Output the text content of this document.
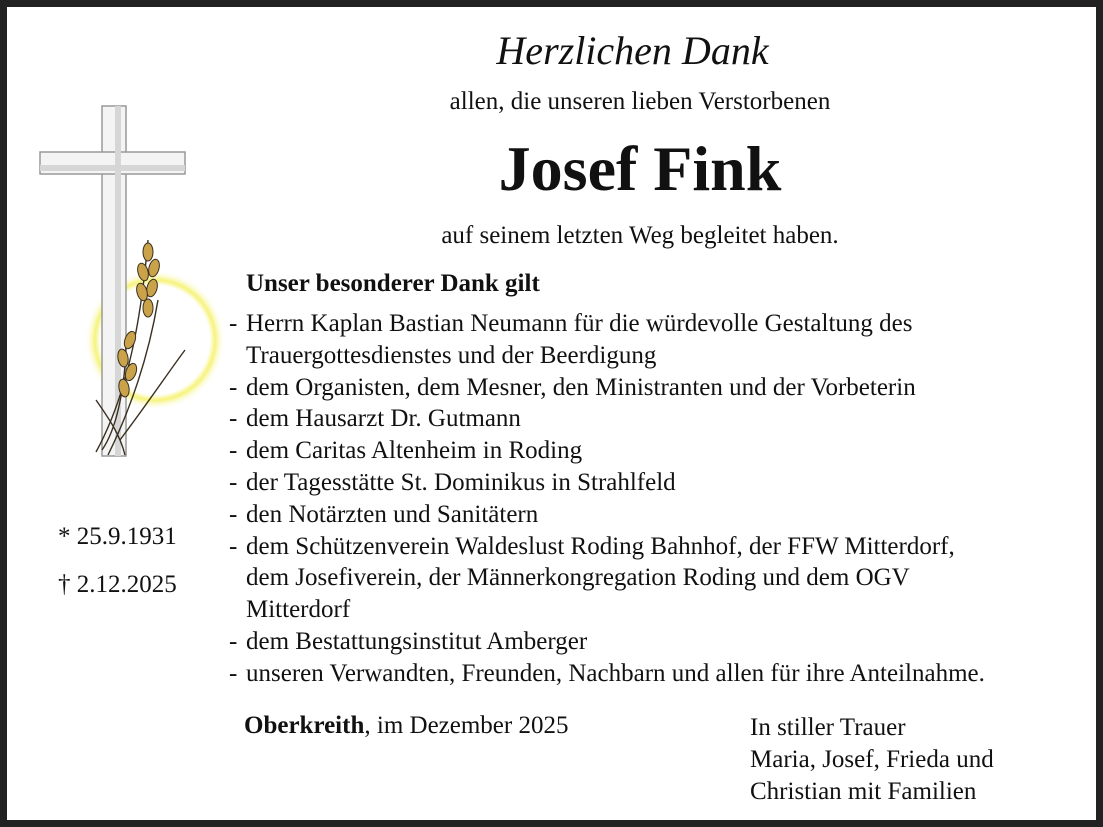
Herzlichen Dank
allen, die unseren lieben Verstorbenen
Josef Fink
auf seinem letzten Weg begleitet haben.
Unser besonderer Dank gilt
- Herrn Kaplan Bastian Neumann für die würdevolle Gestaltung des
Trauergottesdienstes und der Beerdigung
- dem Organisten, dem Mesner, den Ministranten und der Vorbeterin
- dem Hausarzt Dr. Gutmann
- dem Caritas Altenheim in Roding
- der Tagesstätte St. Dominikus in Strahlfeld
- den Notärzten und Sanitätern
- dem Schützenverein Waldeslust Roding Bahnhof, der FFW Mitterdorf,
dem Josefiverein, der Männerkongregation Roding und dem OGV
Mitterdorf
- dem Bestattungsinstitut Amberger
- unseren Verwandten, Freunden, Nachbarn und allen für ihre Anteilnahme.
* 25.9.1931
† 2.12.2025
Oberkreith, im Dezember 2025	In stiller Trauer
Maria, Josef, Frieda und
Christian mit Familien
